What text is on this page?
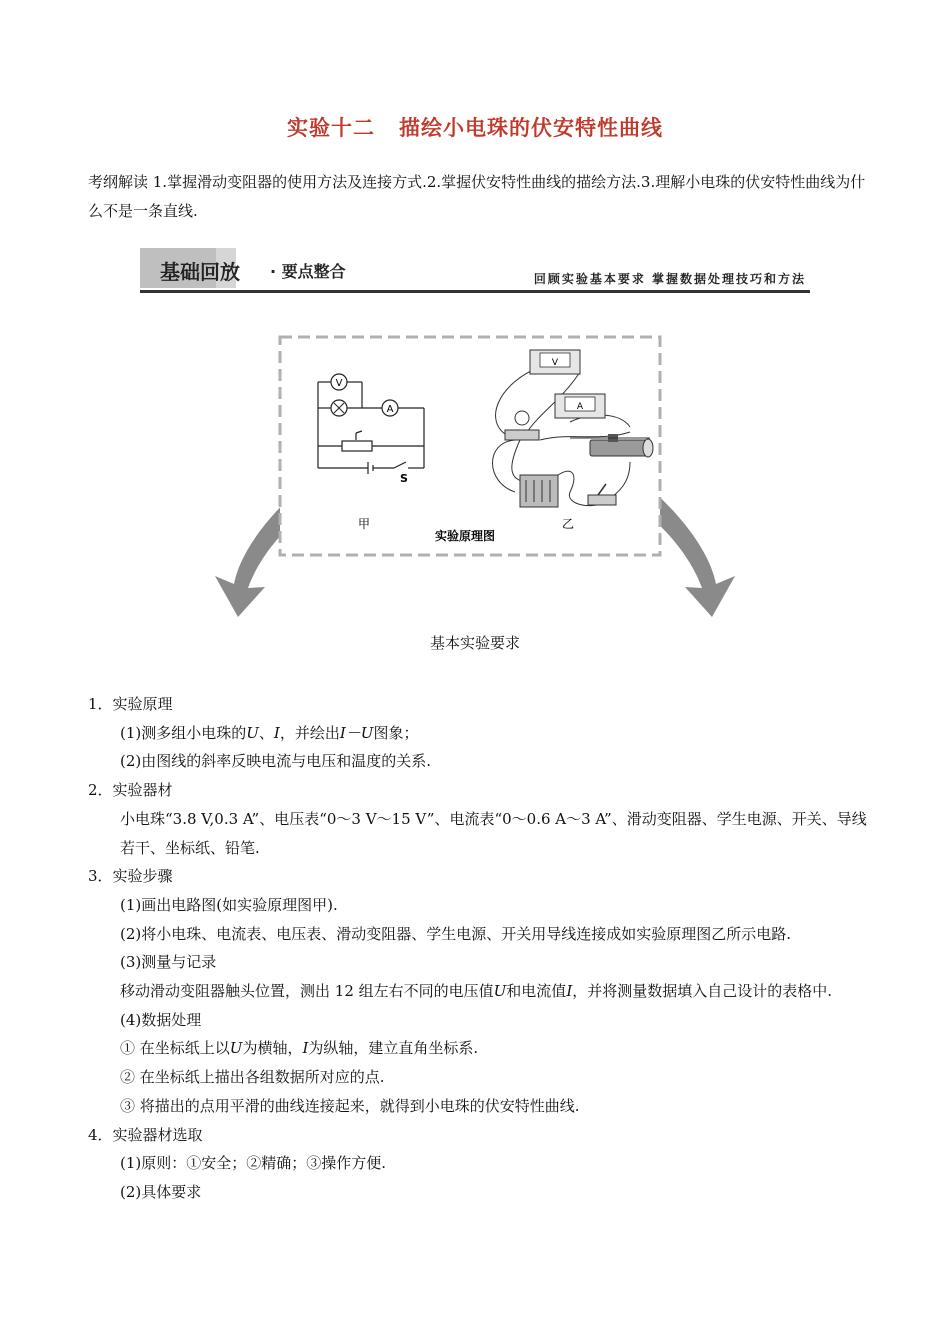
实验十二 描绘小电珠的伏安特性曲线
考纲解读 1.掌握滑动变阻器的使用方法及连接方式.2.掌握伏安特性曲线的描绘方法.3.理解小电珠的伏安特性曲线为什么不是一条直线.
基础回放 · 要点整合	回顾实验基本要求 掌握数据处理技巧和方法
V
A
S
甲
V
A
乙
实验原理图
基本实验要求
1．实验原理
(1)测多组小电珠的U、I，并绘出I－U图象；
(2)由图线的斜率反映电流与电压和温度的关系.
2．实验器材
小电珠“3.8 V,0.3 A”、电压表“0～3 V～15 V”、电流表“0～0.6 A～3 A”、滑动变阻器、学生电源、开关、导线若干、坐标纸、铅笔.
3．实验步骤
(1)画出电路图(如实验原理图甲).
(2)将小电珠、电流表、电压表、滑动变阻器、学生电源、开关用导线连接成如实验原理图乙所示电路.
(3)测量与记录
移动滑动变阻器触头位置，测出 12 组左右不同的电压值U和电流值I，并将测量数据填入自己设计的表格中.
(4)数据处理
① 在坐标纸上以U为横轴，I为纵轴，建立直角坐标系.
② 在坐标纸上描出各组数据所对应的点.
③ 将描出的点用平滑的曲线连接起来，就得到小电珠的伏安特性曲线.
4．实验器材选取
(1)原则：①安全；②精确；③操作方便.
(2)具体要求
